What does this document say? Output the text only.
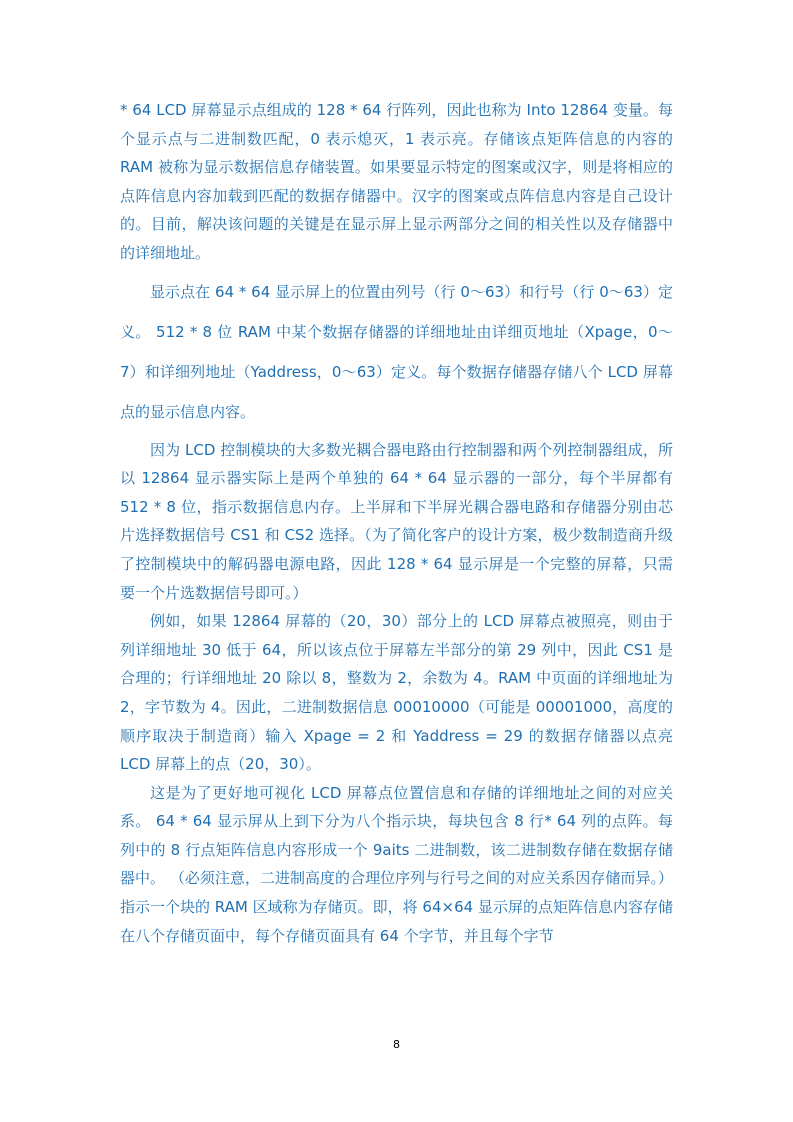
* 64 LCD 屏幕显示点组成的 128 * 64 行阵列，因此也称为 Into 12864 变量。每个显示点与二进制数匹配，0 表示熄灭，1 表示亮。存储该点矩阵信息的内容的 RAM 被称为显示数据信息存储装置。如果要显示特定的图案或汉字，则是将相应的点阵信息内容加载到匹配的数据存储器中。汉字的图案或点阵信息内容是自己设计的。目前，解决该问题的关键是在显示屏上显示两部分之间的相关性以及存储器中的详细地址。

显示点在 64 * 64 显示屏上的位置由列号（行 0〜63）和行号（行 0〜63）定义。 512 * 8 位 RAM 中某个数据存储器的详细地址由详细页地址（Xpage，0〜7）和详细列地址（Yaddress，0〜63）定义。每个数据存储器存储八个 LCD 屏幕点的显示信息内容。

因为 LCD 控制模块的大多数光耦合器电路由行控制器和两个列控制器组成，所以 12864 显示器实际上是两个单独的 64 * 64 显示器的一部分，每个半屏都有 512 * 8 位，指示数据信息内存。上半屏和下半屏光耦合器电路和存储器分别由芯片选择数据信号 CS1 和 CS2 选择。（为了简化客户的设计方案，极少数制造商升级了控制模块中的解码器电源电路，因此 128 * 64 显示屏是一个完整的屏幕，只需要一个片选数据信号即可。）

例如，如果 12864 屏幕的（20，30）部分上的 LCD 屏幕点被照亮，则由于列详细地址 30 低于 64，所以该点位于屏幕左半部分的第 29 列中，因此 CS1 是合理的；行详细地址 20 除以 8，整数为 2，余数为 4。RAM 中页面的详细地址为 2，字节数为 4。因此，二进制数据信息 00010000（可能是 00001000，高度的顺序取决于制造商）输入 Xpage = 2 和 Yaddress = 29 的数据存储器以点亮 LCD 屏幕上的点（20，30）。

这是为了更好地可视化 LCD 屏幕点位置信息和存储的详细地址之间的对应关系。 64 * 64 显示屏从上到下分为八个指示块，每块包含 8 行* 64 列的点阵。每列中的 8 行点矩阵信息内容形成一个 9aits 二进制数，该二进制数存储在数据存储器中。 （必须注意，二进制高度的合理位序列与行号之间的对应关系因存储而异。）指示一个块的 RAM 区域称为存储页。即，将 64×64 显示屏的点矩阵信息内容存储在八个存储页面中，每个存储页面具有 64 个字节，并且每个字节

8
